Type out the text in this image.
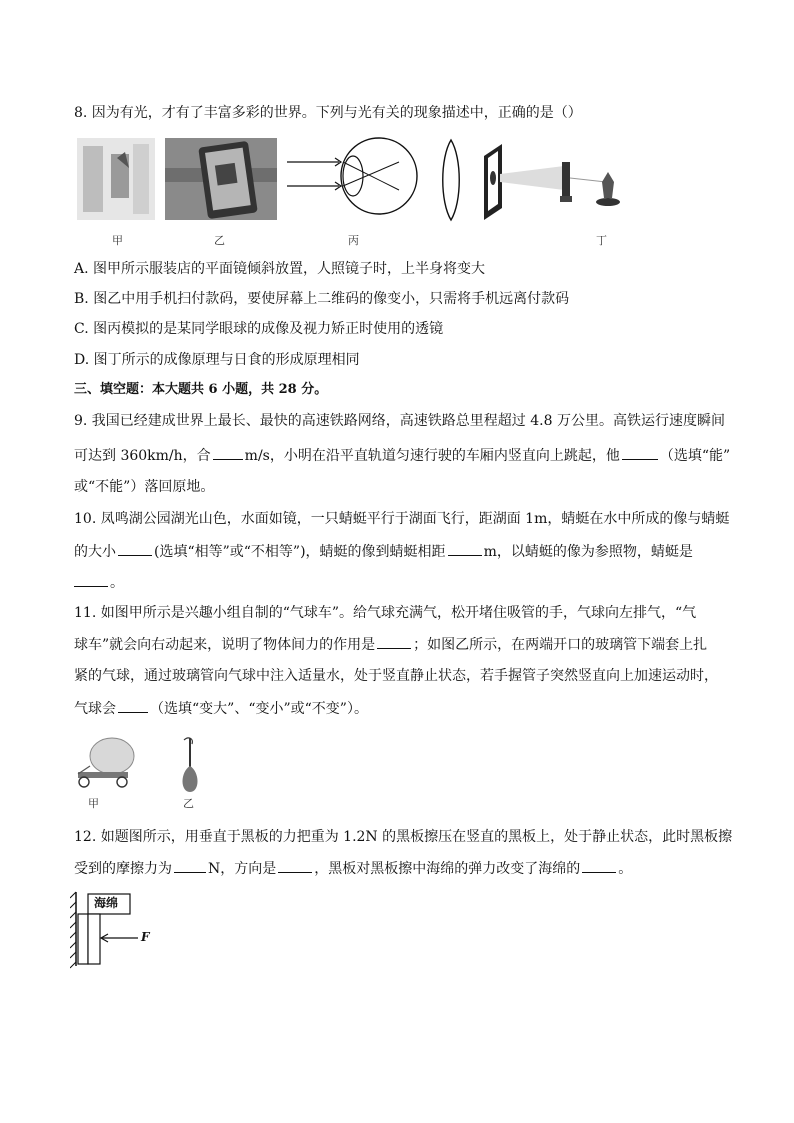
8. 因为有光，才有了丰富多彩的世界。下列与光有关的现象描述中，正确的是（）
甲	乙	丙	丁
A. 图甲所示服装店的平面镜倾斜放置，人照镜子时，上半身将变大
B. 图乙中用手机扫付款码，要使屏幕上二维码的像变小，只需将手机远离付款码
C. 图丙模拟的是某同学眼球的成像及视力矫正时使用的透镜
D. 图丁所示的成像原理与日食的形成原理相同
三、填空题：本大题共 6 小题，共 28 分。
9. 我国已经建成世界上最长、最快的高速铁路网络，高速铁路总里程超过 4.8 万公里。高铁运行速度瞬间
可达到 360km/h，合 m/s，小明在沿平直轨道匀速行驶的车厢内竖直向上跳起，他	（选填“能”
或“不能”）落回原地。
10. 凤鸣湖公园湖光山色，水面如镜，一只蜻蜓平行于湖面飞行，距湖面 1m，蜻蜓在水中所成的像与蜻蜓
的大小	(选填“相等”或“不相等”)，蜻蜓的像到蜻蜓相距	m，以蜻蜓的像为参照物，蜻蜓是
。
11. 如图甲所示是兴趣小组自制的“气球车”。给气球充满气，松开堵住吸管的手，气球向左排气，“气
球车”就会向右动起来，说明了物体间力的作用是	；如图乙所示，在两端开口的玻璃管下端套上扎
紧的气球，通过玻璃管向气球中注入适量水，处于竖直静止状态，若手握管子突然竖直向上加速运动时，
气球会 （选填“变大”、“变小”或“不变”）。
甲	乙
12. 如题图所示，用垂直于黑板的力把重为 1.2N 的黑板擦压在竖直的黑板上，处于静止状态，此时黑板擦
受到的摩擦力为	N，方向是	，黑板对黑板擦中海绵的弹力改变了海绵的	。
海绵
F
